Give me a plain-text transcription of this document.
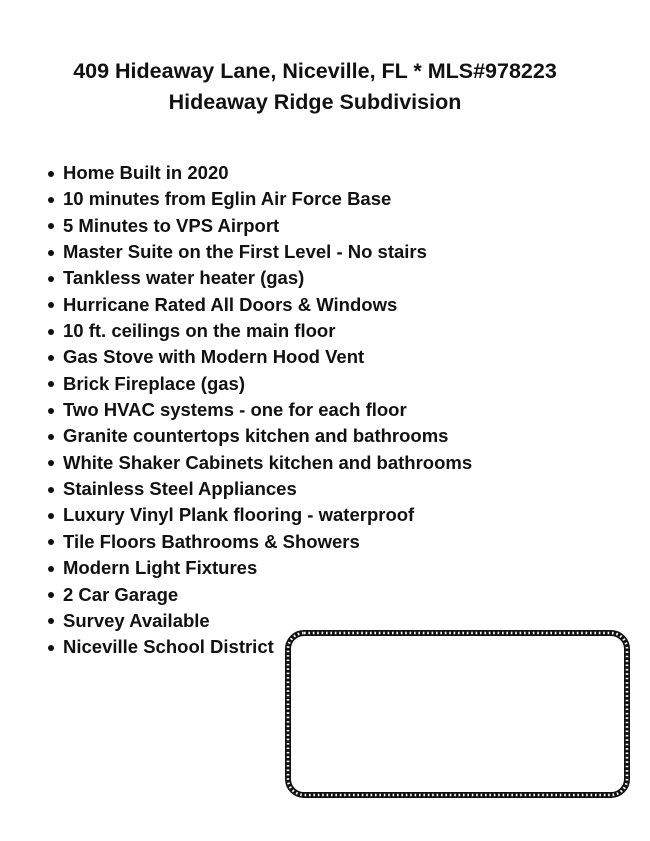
409 Hideaway Lane, Niceville, FL * MLS#978223
Hideaway Ridge Subdivision
Home Built in 2020
10 minutes from Eglin Air Force Base
5 Minutes to VPS Airport
Master Suite on the First Level - No stairs
Tankless water heater (gas)
Hurricane Rated All Doors & Windows
10 ft. ceilings on the main floor
Gas Stove with Modern Hood Vent
Brick Fireplace (gas)
Two HVAC systems - one for each floor
Granite countertops kitchen and bathrooms
White Shaker Cabinets kitchen and bathrooms
Stainless Steel Appliances
Luxury Vinyl Plank flooring - waterproof
Tile Floors Bathrooms & Showers
Modern Light Fixtures
2 Car Garage
Survey Available
Niceville School District
